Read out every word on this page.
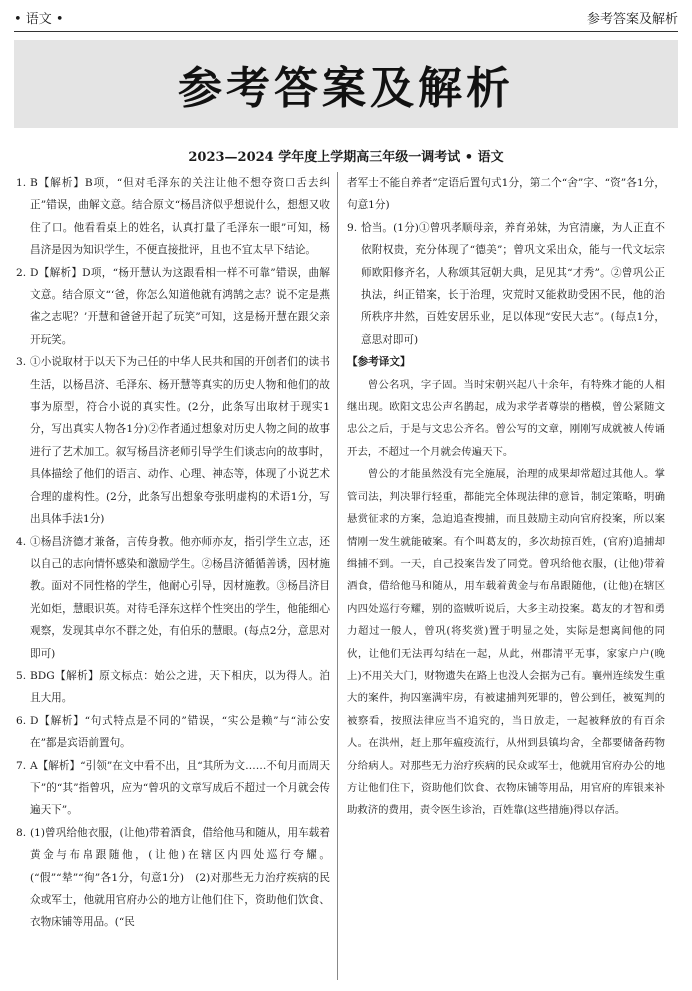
• 语文 •	参考答案及解析
参考答案及解析
2023—2024 学年度上学期高三年级一调考试 • 语文
1. B【解析】B项，“但对毛泽东的关注让他不想夺资口舌去纠正”错误，曲解文意。结合原文“杨昌济似乎想说什么，想想又收住了口。他看看桌上的姓名，认真打量了毛泽东一眼”可知，杨昌济是因为知识学生，不便直接批评，且也不宜太早下结论。
2. D【解析】D项，“杨开慧认为这跟看相一样不可靠”错误，曲解文意。结合原文“‘爸，你怎么知道他就有鸿鹄之志？说不定是燕雀之志呢？’开慧和爸爸开起了玩笑”可知，这是杨开慧在跟父亲开玩笑。
3. ①小说取材于以天下为己任的中华人民共和国的开创者们的读书生活，以杨昌济、毛泽东、杨开慧等真实的历史人物和他们的故事为原型，符合小说的真实性。(2分，此条写出取材于现实1分，写出真实人物各1分)②作者通过想象对历史人物之间的故事进行了艺术加工。叙写杨昌济老师引导学生们谈志向的故事时，具体描绘了他们的语言、动作、心理、神态等，体现了小说艺术合理的虚构性。(2分，此条写出想象夸张明虚构的术语1分，写出具体手法1分)
4. ①杨昌济德才兼备，言传身教。他亦师亦友，指引学生立志，还以自己的志向情怀感染和激励学生。②杨昌济循循善诱，因材施教。面对不同性格的学生，他耐心引导，因材施教。③杨昌济目光如炬，慧眼识英。对待毛泽东这样个性突出的学生，他能细心观察，发现其卓尔不群之处，有伯乐的慧眼。(每点2分，意思对即可)
5. BDG【解析】原文标点：始公之进，天下相庆，以为得人。泊且大用。
6. D【解析】“句式特点是不同的”错误，“实公是赖”与“沛公安在”都是宾语前置句。
7. A【解析】“引领”在文中看不出，且“其所为文……不旬月而周天下”的“其”指曾巩，应为“曾巩的文章写成后不超过一个月就会传遍天下”。
8. (1)曾巩给他衣服，(让他)带着酒食，借给他马和随从，用车载着黄金与布帛跟随他，(让他)在辖区内四处巡行夸耀。(“假”“辇”“徇”各1分，句意1分)　(2)对那些无力治疗疾病的民众或军士，他就用官府办公的地方让他们住下，资助他们饮食、衣物床铺等用品。(“民
者军士不能自养者”定语后置句式1分，第二个“舍”字、“资”各1分，句意1分)
9. 恰当。(1分)①曾巩孝顺母亲，养育弟妹，为官清廉，为人正直不依附权贵，充分体现了“德美”；曾巩文采出众，能与一代文坛宗师欧阳修齐名，人称颂其冠朝大典，足见其“才秀”。②曾巩公正执法，纠正错案，长于治理，灾荒时又能救助受困不民，他的治所秩序井然，百姓安居乐业，足以体现“安民大志”。(每点1分，意思对即可)
【参考译文】

曾公名巩，字子固。当时宋朝兴起八十余年，有特殊才能的人相继出现。欧阳文忠公声名鹊起，成为求学者尊崇的楷模，曾公紧随文忠公之后，于是与文忠公齐名。曾公写的文章，刚刚写成就被人传诵开去，不超过一个月就会传遍天下。

曾公的才能虽然没有完全施展，治理的成果却常超过其他人。掌管司法，判决罪行轻重，都能完全体现法律的意旨，制定策略，明确悬赏征求的方案，急迫追查搜捕，而且鼓励主动向官府投案，所以案情刚一发生就能破案。有个叫葛友的，多次劫掠百姓，(官府)追捕却缉捕不到。一天，自己投案告发了同党。曾巩给他衣服，(让他)带着酒食，借给他马和随从，用车载着黄金与布帛跟随他，(让他)在辖区内四处巡行夸耀，别的盗贼听说后，大多主动投案。葛友的才智和勇力超过一般人，曾巩(将奖赏)置于明显之处，实际是想离间他的同伙，让他们无法再勾结在一起，从此，州郡清平无事，家家户户(晚上)不用关大门，财物遗失在路上也没人会据为己有。襄州连续发生重大的案件，拘囚塞满牢房，有被逮捕判死罪的，曾公到任，被冤判的被察看，按照法律应当不追究的，当日放走，一起被释放的有百余人。在洪州，赶上那年瘟疫流行，从州到县镇均舍，全都要储备药物分给病人。对那些无力治疗疾病的民众或军士，他就用官府办公的地方让他们住下，资助他们饮食、衣物床铺等用品，用官府的库银来补助救济的费用，责令医生诊治，百姓靠(这些措施)得以存活。
